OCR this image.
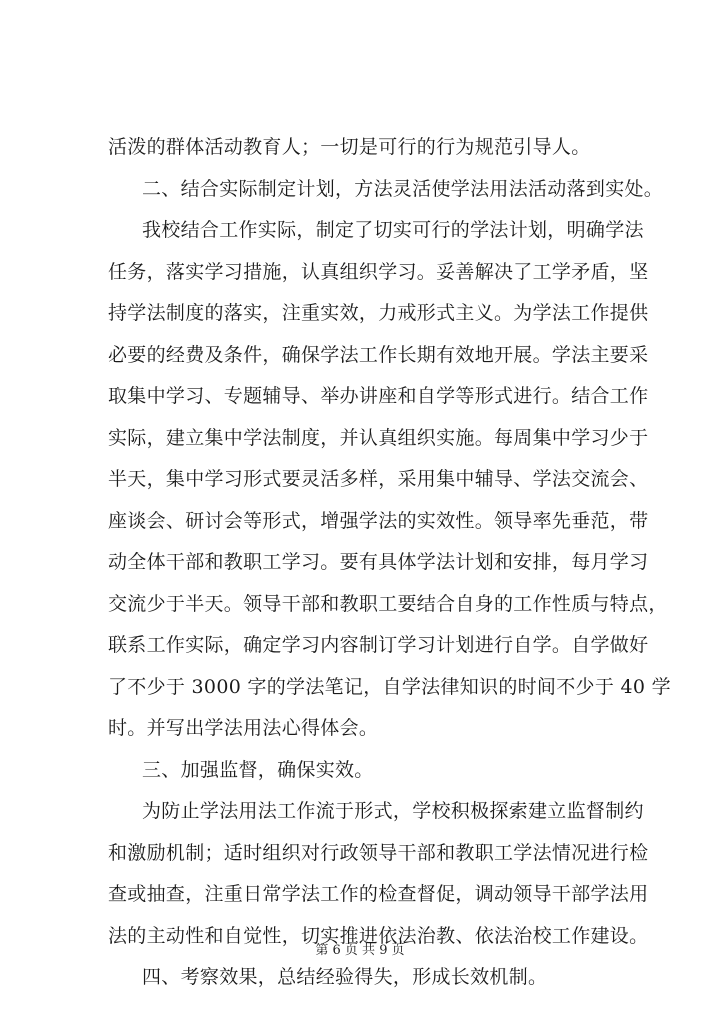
活泼的群体活动教育人；一切是可行的行为规范引导人。
二、结合实际制定计划，方法灵活使学法用法活动落到实处。
我校结合工作实际，制定了切实可行的学法计划，明确学法
任务，落实学习措施，认真组织学习。妥善解决了工学矛盾，坚
持学法制度的落实，注重实效，力戒形式主义。为学法工作提供
必要的经费及条件，确保学法工作长期有效地开展。学法主要采
取集中学习、专题辅导、举办讲座和自学等形式进行。结合工作
实际，建立集中学法制度，并认真组织实施。每周集中学习少于
半天，集中学习形式要灵活多样，采用集中辅导、学法交流会、
座谈会、研讨会等形式，增强学法的实效性。领导率先垂范，带
动全体干部和教职工学习。要有具体学法计划和安排，每月学习
交流少于半天。领导干部和教职工要结合自身的工作性质与特点，
联系工作实际，确定学习内容制订学习计划进行自学。自学做好
了不少于 3000 字的学法笔记，自学法律知识的时间不少于 40 学
时。并写出学法用法心得体会。
三、加强监督，确保实效。
为防止学法用法工作流于形式，学校积极探索建立监督制约
和激励机制；适时组织对行政领导干部和教职工学法情况进行检
查或抽查，注重日常学法工作的检查督促，调动领导干部学法用
法的主动性和自觉性，切实推进依法治教、依法治校工作建设。
四、考察效果，总结经验得失，形成长效机制。
第 6 页 共 9 页
